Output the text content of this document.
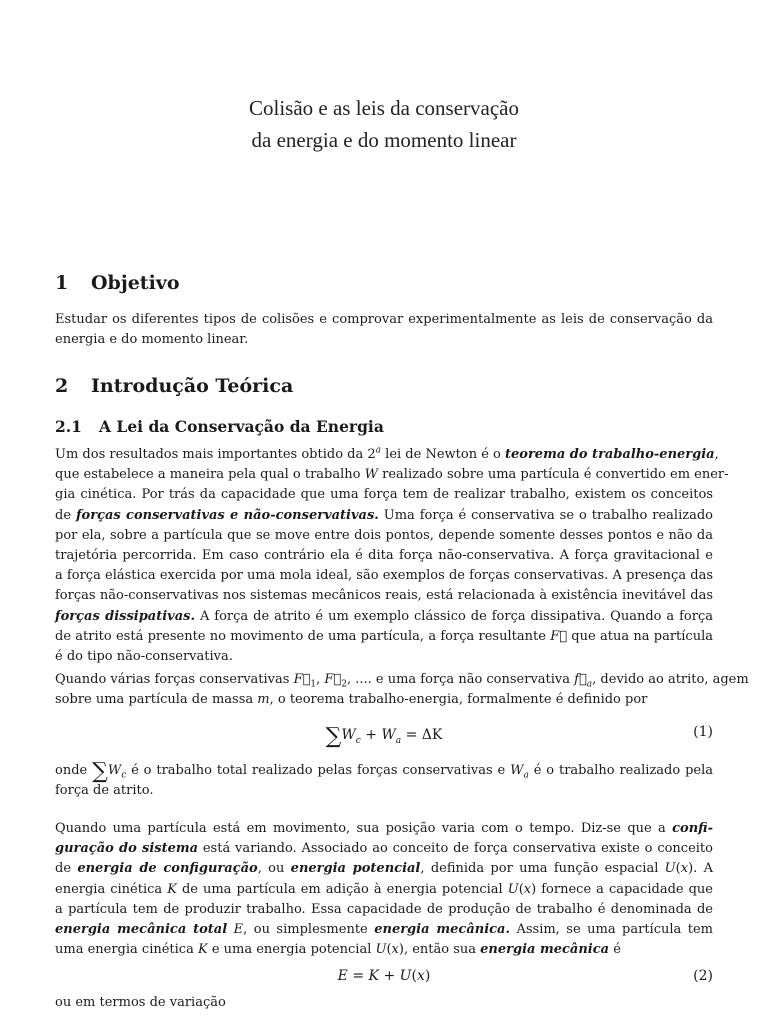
Colisão e as leis da conservação
da energia e do momento linear
1 Objetivo
Estudar os diferentes tipos de colisões e comprovar experimentalmente as leis de conservação da
energia e do momento linear.
2 Introdução Teórica
2.1 A Lei da Conservação da Energia
Um dos resultados mais importantes obtido da 2$^a$ lei de Newton é o teorema do trabalho-energia,
que estabelece a maneira pela qual o trabalho W realizado sobre uma partícula é convertido em ener-
gia cinética. Por trás da capacidade que uma força tem de realizar trabalho, existem os conceitos
de forças conservativas e não-conservativas. Uma força é conservativa se o trabalho realizado
por ela, sobre a partícula que se move entre dois pontos, depende somente desses pontos e não da
trajetória percorrida. Em caso contrário ela é dita força não-conservativa. A força gravitacional e
a força elástica exercida por uma mola ideal, são exemplos de forças conservativas. A presença das
forças não-conservativas nos sistemas mecânicos reais, está relacionada à existência inevitável das
forças dissipativas. A força de atrito é um exemplo clássico de força dissipativa. Quando a força
de atrito está presente no movimento de uma partícula, a força resultante F⃗ que atua na partícula
é do tipo não-conservativa.
Quando várias forças conservativas $F⃗_1$, $F⃗_2$, .... e uma força não conservativa $f⃗_a$, devido ao atrito, agem
sobre uma partícula de massa m, o teorema trabalho-energia, formalmente é definido por
$\sum W_c + W_a = \Delta K$	(1)
onde $\sum W_c$ é o trabalho total realizado pelas forças conservativas e $W_a$ é o trabalho realizado pela
força de atrito.
Quando uma partícula está em movimento, sua posição varia com o tempo. Diz-se que a confi-
guração do sistema está variando. Associado ao conceito de força conservativa existe o conceito
de energia de configuração, ou energia potencial, definida por uma função espacial U(x). A
energia cinética K de uma partícula em adição à energia potencial U(x) fornece a capacidade que
a partícula tem de produzir trabalho. Essa capacidade de produção de trabalho é denominada de
energia mecânica total E, ou simplesmente energia mecânica. Assim, se uma partícula tem
uma energia cinética K e uma energia potencial U(x), então sua energia mecânica é
E = K + U(x)	(2)
ou em termos de variação
